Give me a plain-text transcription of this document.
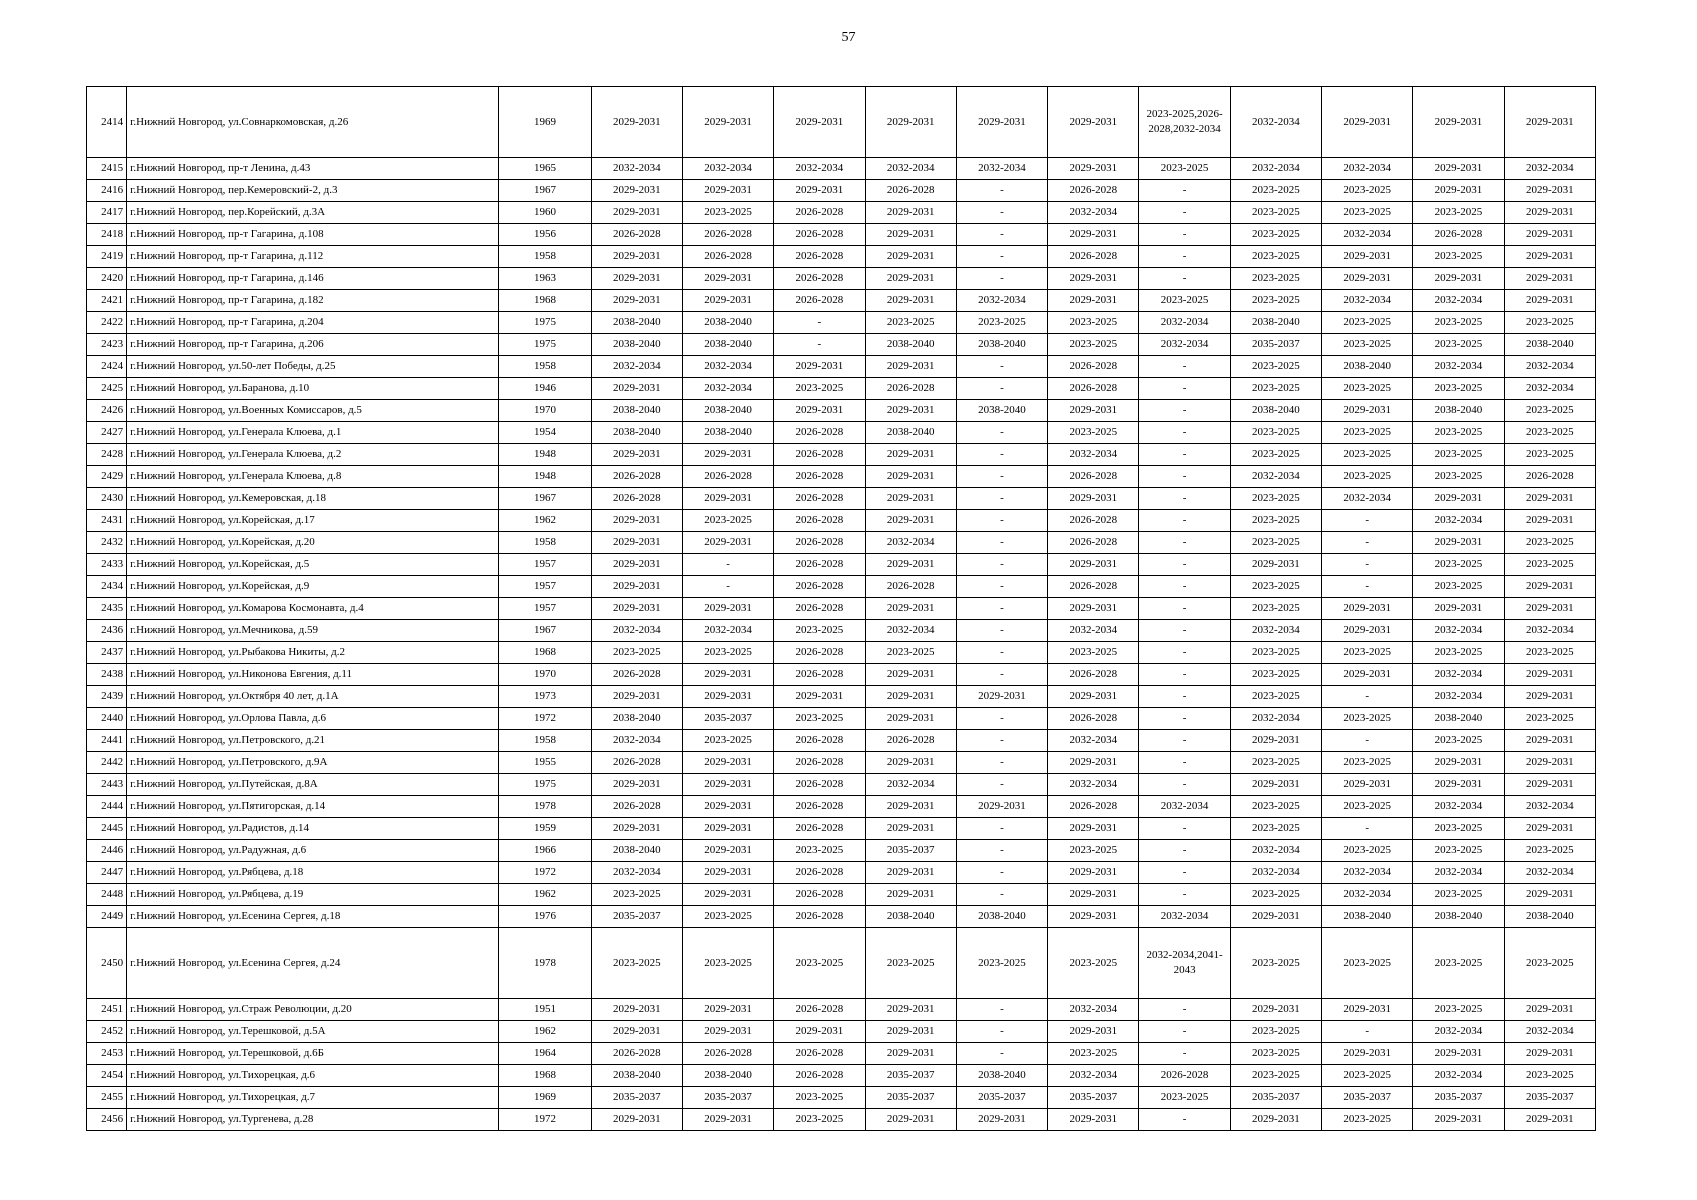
57
2414	г.Нижний Новгород, ул.Совнаркомовская, д.26	1969	2029-2031	2029-2031	2029-2031	2029-2031	2029-2031	2029-2031	2023-2025,2026-2028,2032-2034	2032-2034	2029-2031	2029-2031	2029-2031
2415	г.Нижний Новгород, пр-т Ленина, д.43	1965	2032-2034	2032-2034	2032-2034	2032-2034	2032-2034	2029-2031	2023-2025	2032-2034	2032-2034	2029-2031	2032-2034
2416	г.Нижний Новгород, пер.Кемеровский-2, д.3	1967	2029-2031	2029-2031	2029-2031	2026-2028	-	2026-2028	-	2023-2025	2023-2025	2029-2031	2029-2031
2417	г.Нижний Новгород, пер.Корейский, д.3А	1960	2029-2031	2023-2025	2026-2028	2029-2031	-	2032-2034	-	2023-2025	2023-2025	2023-2025	2029-2031
2418	г.Нижний Новгород, пр-т Гагарина, д.108	1956	2026-2028	2026-2028	2026-2028	2029-2031	-	2029-2031	-	2023-2025	2032-2034	2026-2028	2029-2031
2419	г.Нижний Новгород, пр-т Гагарина, д.112	1958	2029-2031	2026-2028	2026-2028	2029-2031	-	2026-2028	-	2023-2025	2029-2031	2023-2025	2029-2031
2420	г.Нижний Новгород, пр-т Гагарина, д.146	1963	2029-2031	2029-2031	2026-2028	2029-2031	-	2029-2031	-	2023-2025	2029-2031	2029-2031	2029-2031
2421	г.Нижний Новгород, пр-т Гагарина, д.182	1968	2029-2031	2029-2031	2026-2028	2029-2031	2032-2034	2029-2031	2023-2025	2023-2025	2032-2034	2032-2034	2029-2031
2422	г.Нижний Новгород, пр-т Гагарина, д.204	1975	2038-2040	2038-2040	-	2023-2025	2023-2025	2023-2025	2032-2034	2038-2040	2023-2025	2023-2025	2023-2025
2423	г.Нижний Новгород, пр-т Гагарина, д.206	1975	2038-2040	2038-2040	-	2038-2040	2038-2040	2023-2025	2032-2034	2035-2037	2023-2025	2023-2025	2038-2040
2424	г.Нижний Новгород, ул.50-лет Победы, д.25	1958	2032-2034	2032-2034	2029-2031	2029-2031	-	2026-2028	-	2023-2025	2038-2040	2032-2034	2032-2034
2425	г.Нижний Новгород, ул.Баранова, д.10	1946	2029-2031	2032-2034	2023-2025	2026-2028	-	2026-2028	-	2023-2025	2023-2025	2023-2025	2032-2034
2426	г.Нижний Новгород, ул.Военных Комиссаров, д.5	1970	2038-2040	2038-2040	2029-2031	2029-2031	2038-2040	2029-2031	-	2038-2040	2029-2031	2038-2040	2023-2025
2427	г.Нижний Новгород, ул.Генерала Клюева, д.1	1954	2038-2040	2038-2040	2026-2028	2038-2040	-	2023-2025	-	2023-2025	2023-2025	2023-2025	2023-2025
2428	г.Нижний Новгород, ул.Генерала Клюева, д.2	1948	2029-2031	2029-2031	2026-2028	2029-2031	-	2032-2034	-	2023-2025	2023-2025	2023-2025	2023-2025
2429	г.Нижний Новгород, ул.Генерала Клюева, д.8	1948	2026-2028	2026-2028	2026-2028	2029-2031	-	2026-2028	-	2032-2034	2023-2025	2023-2025	2026-2028
2430	г.Нижний Новгород, ул.Кемеровская, д.18	1967	2026-2028	2029-2031	2026-2028	2029-2031	-	2029-2031	-	2023-2025	2032-2034	2029-2031	2029-2031
2431	г.Нижний Новгород, ул.Корейская, д.17	1962	2029-2031	2023-2025	2026-2028	2029-2031	-	2026-2028	-	2023-2025	-	2032-2034	2029-2031
2432	г.Нижний Новгород, ул.Корейская, д.20	1958	2029-2031	2029-2031	2026-2028	2032-2034	-	2026-2028	-	2023-2025	-	2029-2031	2023-2025
2433	г.Нижний Новгород, ул.Корейская, д.5	1957	2029-2031	-	2026-2028	2029-2031	-	2029-2031	-	2029-2031	-	2023-2025	2023-2025
2434	г.Нижний Новгород, ул.Корейская, д.9	1957	2029-2031	-	2026-2028	2026-2028	-	2026-2028	-	2023-2025	-	2023-2025	2029-2031
2435	г.Нижний Новгород, ул.Комарова Космонавта, д.4	1957	2029-2031	2029-2031	2026-2028	2029-2031	-	2029-2031	-	2023-2025	2029-2031	2029-2031	2029-2031
2436	г.Нижний Новгород, ул.Мечникова, д.59	1967	2032-2034	2032-2034	2023-2025	2032-2034	-	2032-2034	-	2032-2034	2029-2031	2032-2034	2032-2034
2437	г.Нижний Новгород, ул.Рыбакова Никиты, д.2	1968	2023-2025	2023-2025	2026-2028	2023-2025	-	2023-2025	-	2023-2025	2023-2025	2023-2025	2023-2025
2438	г.Нижний Новгород, ул.Никонова Евгения, д.11	1970	2026-2028	2029-2031	2026-2028	2029-2031	-	2026-2028	-	2023-2025	2029-2031	2032-2034	2029-2031
2439	г.Нижний Новгород, ул.Октября 40 лет, д.1А	1973	2029-2031	2029-2031	2029-2031	2029-2031	2029-2031	2029-2031	-	2023-2025	-	2032-2034	2029-2031
2440	г.Нижний Новгород, ул.Орлова Павла, д.6	1972	2038-2040	2035-2037	2023-2025	2029-2031	-	2026-2028	-	2032-2034	2023-2025	2038-2040	2023-2025
2441	г.Нижний Новгород, ул.Петровского, д.21	1958	2032-2034	2023-2025	2026-2028	2026-2028	-	2032-2034	-	2029-2031	-	2023-2025	2029-2031
2442	г.Нижний Новгород, ул.Петровского, д.9А	1955	2026-2028	2029-2031	2026-2028	2029-2031	-	2029-2031	-	2023-2025	2023-2025	2029-2031	2029-2031
2443	г.Нижний Новгород, ул.Путейская, д.8А	1975	2029-2031	2029-2031	2026-2028	2032-2034	-	2032-2034	-	2029-2031	2029-2031	2029-2031	2029-2031
2444	г.Нижний Новгород, ул.Пятигорская, д.14	1978	2026-2028	2029-2031	2026-2028	2029-2031	2029-2031	2026-2028	2032-2034	2023-2025	2023-2025	2032-2034	2032-2034
2445	г.Нижний Новгород, ул.Радистов, д.14	1959	2029-2031	2029-2031	2026-2028	2029-2031	-	2029-2031	-	2023-2025	-	2023-2025	2029-2031
2446	г.Нижний Новгород, ул.Радужная, д.6	1966	2038-2040	2029-2031	2023-2025	2035-2037	-	2023-2025	-	2032-2034	2023-2025	2023-2025	2023-2025
2447	г.Нижний Новгород, ул.Рябцева, д.18	1972	2032-2034	2029-2031	2026-2028	2029-2031	-	2029-2031	-	2032-2034	2032-2034	2032-2034	2032-2034
2448	г.Нижний Новгород, ул.Рябцева, д.19	1962	2023-2025	2029-2031	2026-2028	2029-2031	-	2029-2031	-	2023-2025	2032-2034	2023-2025	2029-2031
2449	г.Нижний Новгород, ул.Есенина Сергея, д.18	1976	2035-2037	2023-2025	2026-2028	2038-2040	2038-2040	2029-2031	2032-2034	2029-2031	2038-2040	2038-2040	2038-2040
2450	г.Нижний Новгород, ул.Есенина Сергея, д.24	1978	2023-2025	2023-2025	2023-2025	2023-2025	2023-2025	2023-2025	2032-2034,2041-2043	2023-2025	2023-2025	2023-2025	2023-2025
2451	г.Нижний Новгород, ул.Страж Революции, д.20	1951	2029-2031	2029-2031	2026-2028	2029-2031	-	2032-2034	-	2029-2031	2029-2031	2023-2025	2029-2031
2452	г.Нижний Новгород, ул.Терешковой, д.5А	1962	2029-2031	2029-2031	2029-2031	2029-2031	-	2029-2031	-	2023-2025	-	2032-2034	2032-2034
2453	г.Нижний Новгород, ул.Терешковой, д.6Б	1964	2026-2028	2026-2028	2026-2028	2029-2031	-	2023-2025	-	2023-2025	2029-2031	2029-2031	2029-2031
2454	г.Нижний Новгород, ул.Тихорецкая, д.6	1968	2038-2040	2038-2040	2026-2028	2035-2037	2038-2040	2032-2034	2026-2028	2023-2025	2023-2025	2032-2034	2023-2025
2455	г.Нижний Новгород, ул.Тихорецкая, д.7	1969	2035-2037	2035-2037	2023-2025	2035-2037	2035-2037	2035-2037	2023-2025	2035-2037	2035-2037	2035-2037	2035-2037
2456	г.Нижний Новгород, ул.Тургенева, д.28	1972	2029-2031	2029-2031	2023-2025	2029-2031	2029-2031	2029-2031	-	2029-2031	2023-2025	2029-2031	2029-2031
